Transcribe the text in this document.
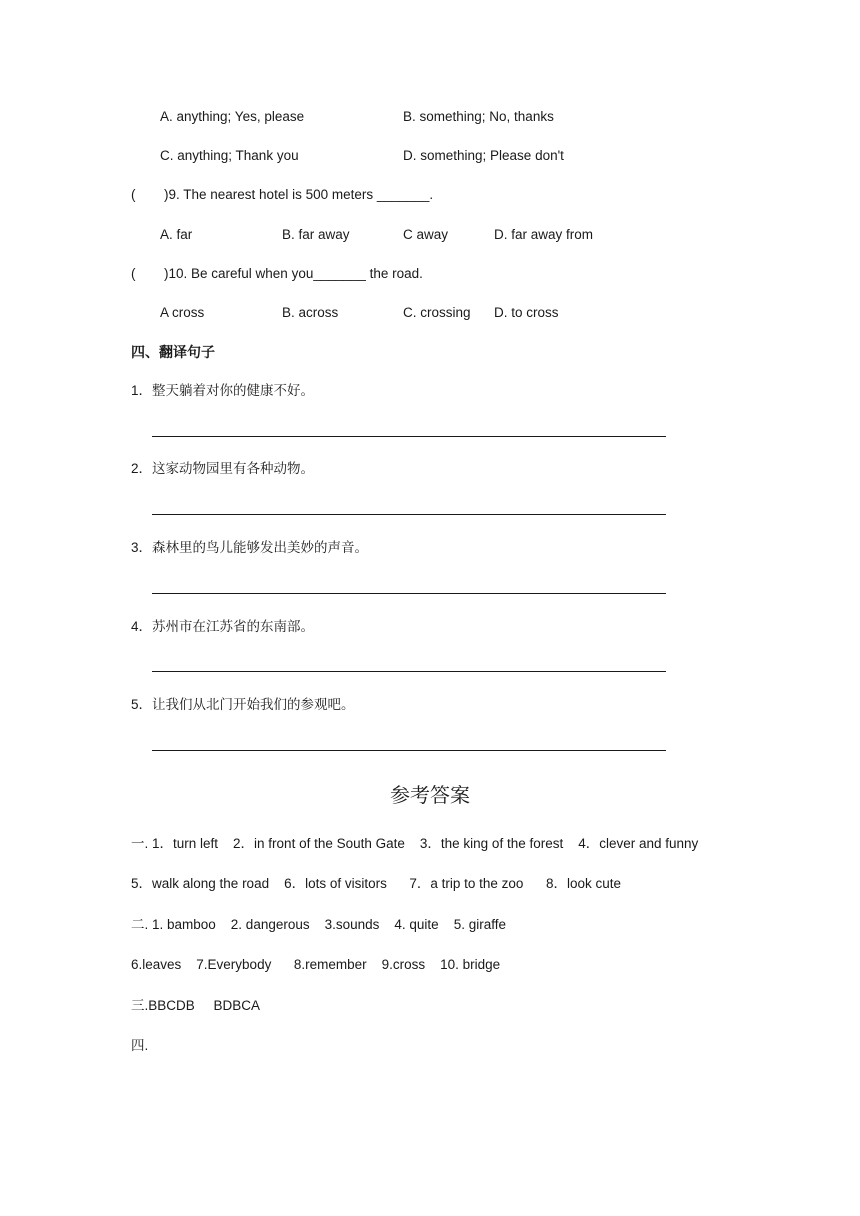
A. anything; Yes, please	B. something; No, thanks
C. anything; Thank you	D. something; Please don't
( )9. The nearest hotel is 500 meters _______.
A. far	B. far away	C away	D. far away from
( )10. Be careful when you_______ the road.
A cross	B. across	C. crossing D. to cross
四、翻译句子
1．整天躺着对你的健康不好。
2．这家动物园里有各种动物。
3．森林里的鸟儿能够发出美妙的声音。
4．苏州市在江苏省的东南部。
5．让我们从北门开始我们的参观吧。
参考答案
一. 1．turn left    2．in front of the South Gate    3．the king of the forest    4．clever and funny
5．walk along the road    6．lots of visitors      7．a trip to the zoo      8．look cute
二. 1. bamboo    2. dangerous    3.sounds    4. quite    5. giraffe
6.leaves    7.Everybody      8.remember    9.cross    10. bridge
三.BBCDB     BDBCA
四.
